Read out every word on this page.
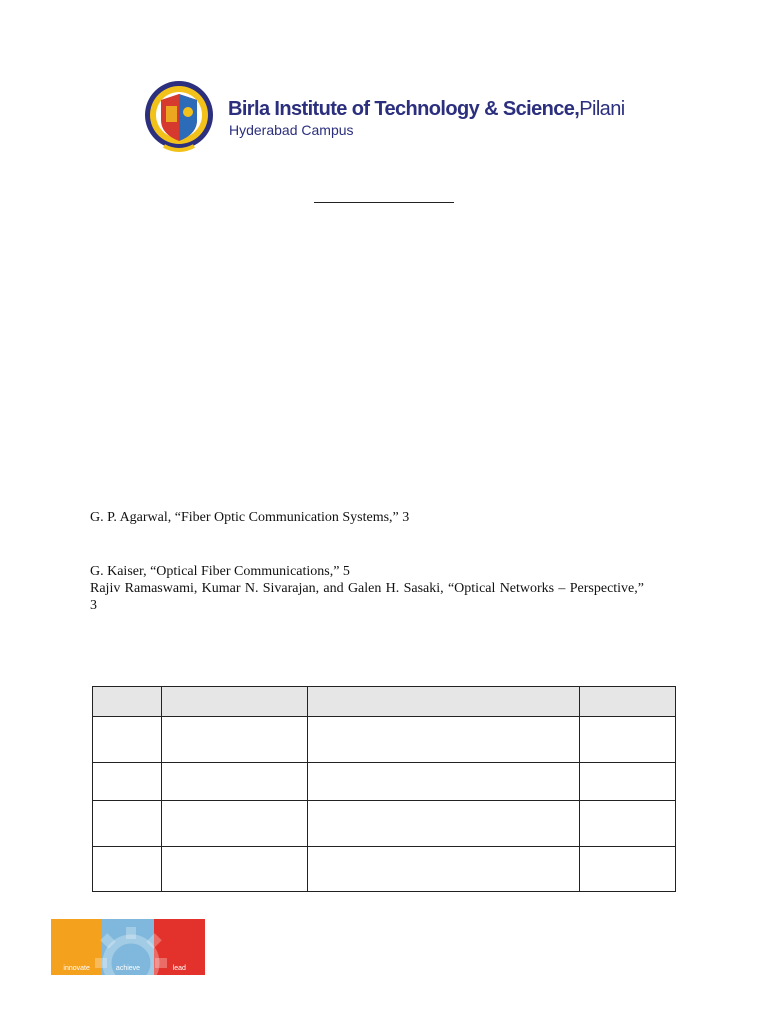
Birla Institute of Technology & Science,Pilani
Hyderabad Campus
G. P. Agarwal, “Fiber Optic Communication Systems,” 3
G. Kaiser, “Optical Fiber Communications,” 5
Rajiv Ramaswami, Kumar N. Sivarajan, and Galen H. Sasaki, “Optical Networks – Perspective,” 3

innovate	achieve	lead
